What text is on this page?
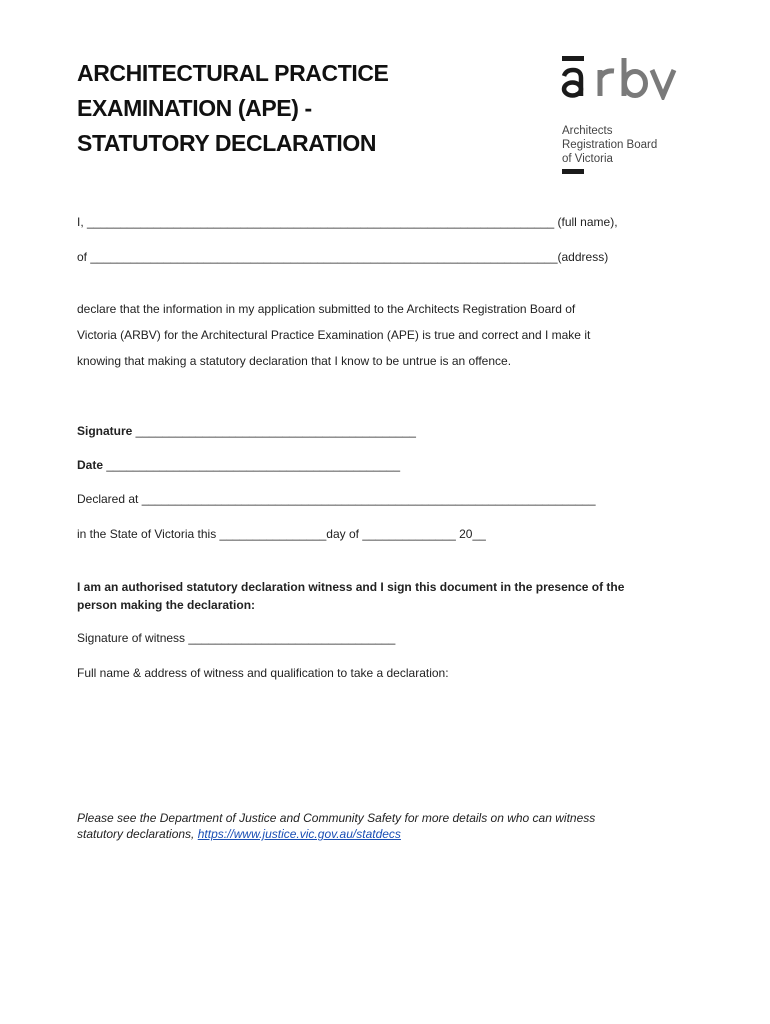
ARCHITECTURAL PRACTICE
EXAMINATION (APE) -
STATUTORY DECLARATION	Architects
Registration Board
of Victoria
I, ______________________________________________________________________ (full name),
of ______________________________________________________________________(address)
declare that the information in my application submitted to the Architects Registration Board of
Victoria (ARBV) for the Architectural Practice Examination (APE) is true and correct and I make it
knowing that making a statutory declaration that I know to be untrue is an offence.
Signature __________________________________________
Date ____________________________________________
Declared at ____________________________________________________________________
in the State of Victoria this ________________day of ______________ 20__
I am an authorised statutory declaration witness and I sign this document in the presence of the
person making the declaration:
Signature of witness _______________________________
Full name & address of witness and qualification to take a declaration:
Please see the Department of Justice and Community Safety for more details on who can witness
statutory declarations, https://www.justice.vic.gov.au/statdecs
